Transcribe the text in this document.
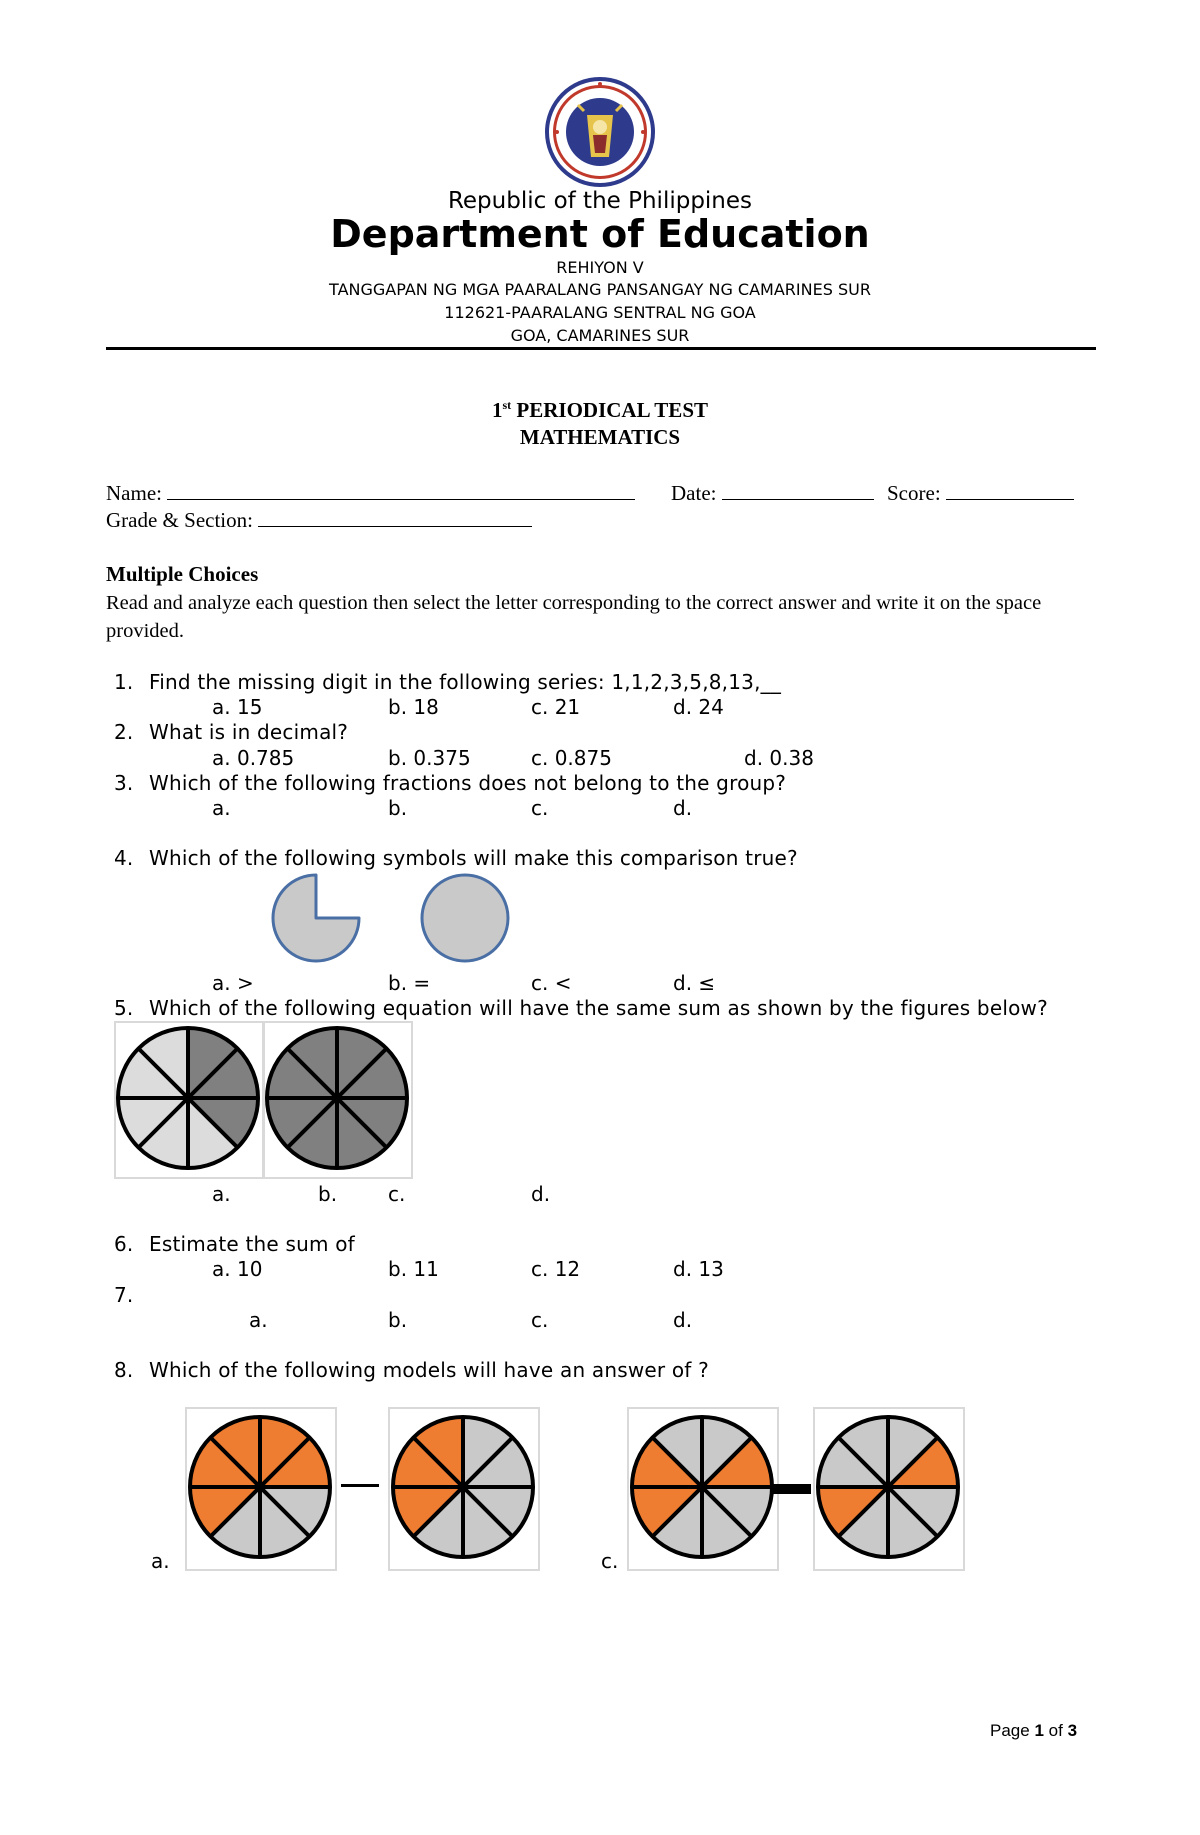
Republic of the Philippines
Department of Education
REHIYON V
TANGGAPAN NG MGA PAARALANG PANSANGAY NG CAMARINES SUR
112621-PAARALANG SENTRAL NG GOA
GOA, CAMARINES SUR
1st PERIODICAL TEST
MATHEMATICS
Name:	Date:	Score:
Grade & Section:
Multiple Choices
Read and analyze each question then select the letter corresponding to the correct answer and write it on the space provided.
1. Find the missing digit in the following series: 1,1,2,3,5,8,13,__
a. 15	b. 18	c. 21	d. 24
2. What is in decimal?
a. 0.785	b. 0.375	c. 0.875	d. 0.38
3. Which of the following fractions does not belong to the group?
a.	b.	c.	d.
4. Which of the following symbols will make this comparison true?
a. >	b. =	c. <	d. ≤
5. Which of the following equation will have the same sum as shown by the figures below?
a.	b.	c.	d.
6. Estimate the sum of
a. 10	b. 11	c. 12	d. 13
7.
a.	b.	c.	d.
8. Which of the following models will have an answer of ?
a.	c.
Page 1 of 3
